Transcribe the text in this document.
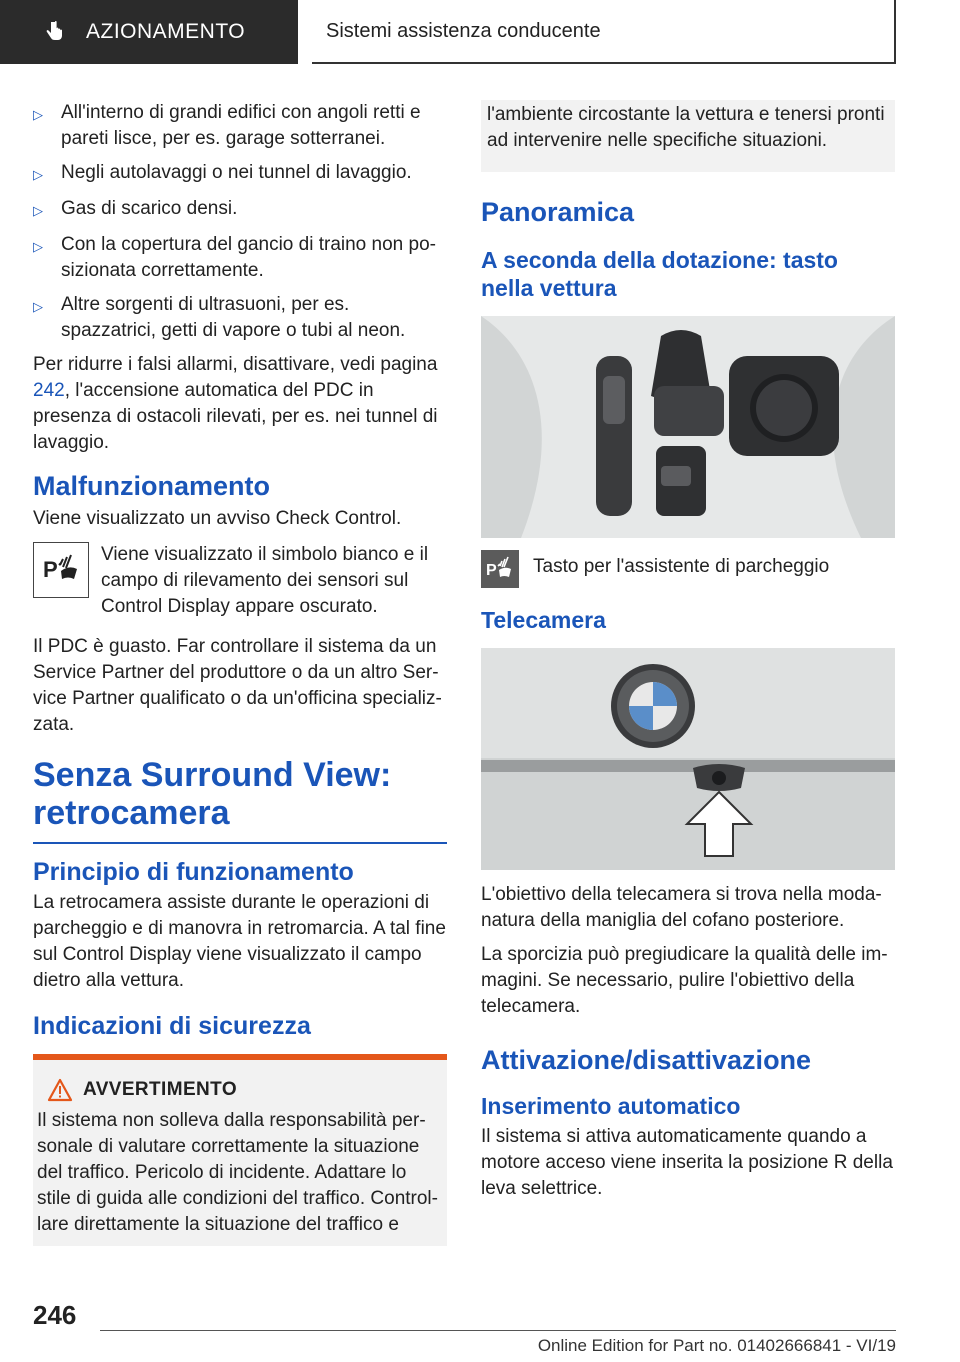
AZIONAMENTO	Sistemi assistenza conducente
▷ All'interno di grandi edifici con angoli retti e pareti lisce, per es. garage sotterranei.
▷ Negli autolavaggi o nei tunnel di lavaggio.
▷ Gas di scarico densi.
▷ Con la copertura del gancio di traino non posizionata correttamente.
▷ Altre sorgenti di ultrasuoni, per es. spazzatrici, getti di vapore o tubi al neon.

Per ridurre i falsi allarmi, disattivare, vedi pagina 242, l'accensione automatica del PDC in presenza di ostacoli rilevati, per es. nei tunnel di lavaggio.

Malfunzionamento

Viene visualizzato un avviso Check Control.

P

Viene visualizzato il simbolo bianco e il campo di rilevamento dei sensori sul Control Display appare oscurato.

Il PDC è guasto. Far controllare il sistema da un Service Partner del produttore o da un altro Service Partner qualificato o da un'officina specializzata.

Senza Surround View: retrocamera
Principio di funzionamento

La retrocamera assiste durante le operazioni di parcheggio e di manovra in retromarcia. A tal fine sul Control Display viene visualizzato il campo dietro alla vettura.

Indicazioni di sicurezza
AVVERTIMENTO

Il sistema non solleva dalla responsabilità personale di valutare correttamente la situazione del traffico. Pericolo di incidente. Adattare lo stile di guida alle condizioni del traffico. Controllare direttamente la situazione del traffico e

l'ambiente circostante la vettura e tenersi pronti ad intervenire nelle specifiche situazioni.

Panoramica
A seconda della dotazione: tasto nella vettura
P Tasto per l'assistente di parcheggio

Telecamera

L'obiettivo della telecamera si trova nella modanatura della maniglia del cofano posteriore.

La sporcizia può pregiudicare la qualità delle immagini. Se necessario, pulire l'obiettivo della telecamera.

Attivazione/disattivazione
Inserimento automatico

Il sistema si attiva automaticamente quando a motore acceso viene inserita la posizione R della leva selettrice.

246
Online Edition for Part no. 01402666841 - VI/19
